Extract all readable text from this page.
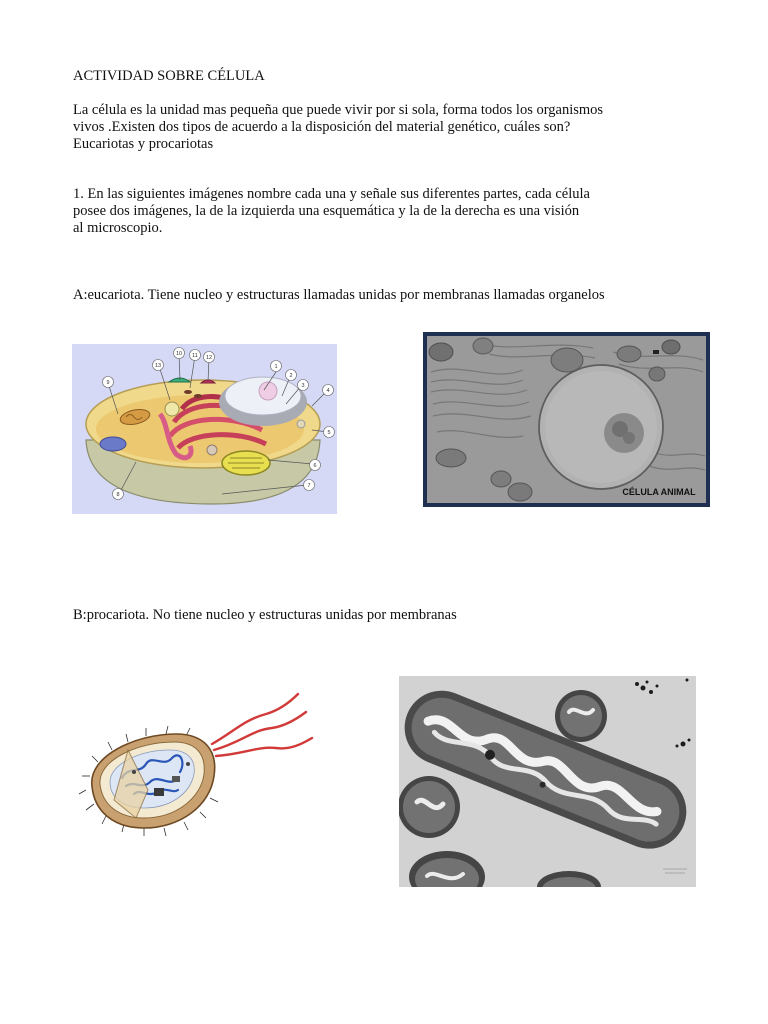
ACTIVIDAD SOBRE CÉLULA
La célula es la unidad mas pequeña que puede vivir por si sola, forma todos los organismos
vivos .Existen dos tipos de acuerdo a la disposición del material genético, cuáles son?
Eucariotas y procariotas
1. En las siguientes imágenes nombre cada una y señale sus diferentes partes, cada célula
posee dos imágenes, la de la izquierda una esquemática y la de la derecha es una visión
al microscopio.
A:eucariota. Tiene nucleo y estructuras llamadas unidas por membranas llamadas organelos
1
2
3
4
5
6
7
8
9
10 11 12
13
CÉLULA ANIMAL
B:procariota. No tiene nucleo y estructuras unidas por membranas
